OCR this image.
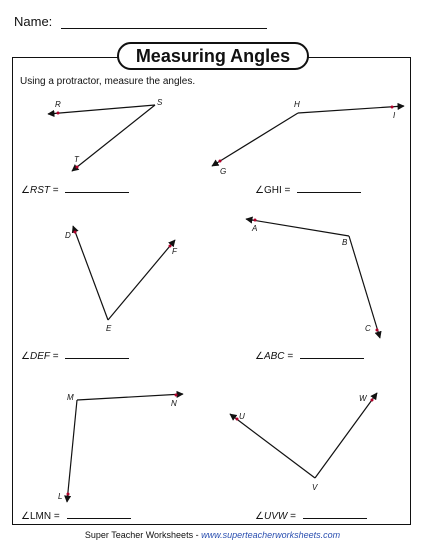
Name:
Measuring Angles
Using a protractor, measure the angles.
R	S
T
H
I
G
D
E
F
A
B
C
M
N
L
U
V
W
∠RST =	∠GHI =
∠DEF =	∠ABC =
∠LMN =	∠UVW =
Super Teacher Worksheets - www.superteacherworksheets.com
